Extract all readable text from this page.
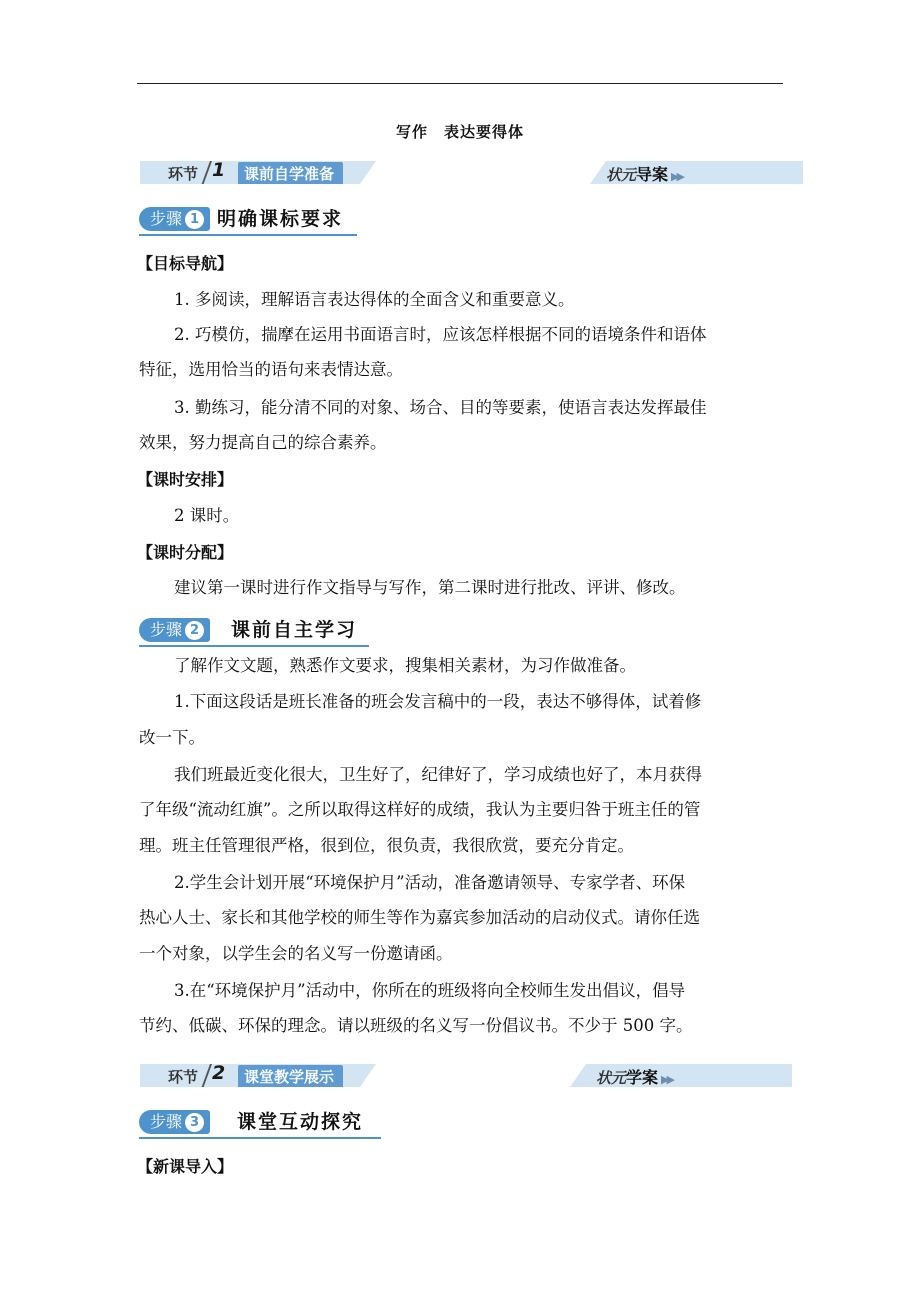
写作　表达要得体
环节 1	课前自学准备	状元导案 ▶▶
步骤 1 明确课标要求
【目标导航】
1. 多阅读，理解语言表达得体的全面含义和重要意义。
2. 巧模仿，揣摩在运用书面语言时，应该怎样根据不同的语境条件和语体
特征，选用恰当的语句来表情达意。
3. 勤练习，能分清不同的对象、场合、目的等要素，使语言表达发挥最佳
效果，努力提高自己的综合素养。
【课时安排】
2 课时。
【课时分配】
建议第一课时进行作文指导与写作，第二课时进行批改、评讲、修改。
步骤 2	课前自主学习
了解作文文题，熟悉作文要求，搜集相关素材，为习作做准备。
1.下面这段话是班长准备的班会发言稿中的一段，表达不够得体，试着修
改一下。
我们班最近变化很大，卫生好了，纪律好了，学习成绩也好了，本月获得
了年级“流动红旗”。之所以取得这样好的成绩，我认为主要归咎于班主任的管
理。班主任管理很严格，很到位，很负责，我很欣赏，要充分肯定。
2.学生会计划开展“环境保护月”活动，准备邀请领导、专家学者、环保
热心人士、家长和其他学校的师生等作为嘉宾参加活动的启动仪式。请你任选
一个对象，以学生会的名义写一份邀请函。
3.在“环境保护月”活动中，你所在的班级将向全校师生发出倡议，倡导
节约、低碳、环保的理念。请以班级的名义写一份倡议书。不少于 500 字。
环节 2	课堂教学展示	状元学案 ▶▶
步骤 3	课堂互动探究
【新课导入】
